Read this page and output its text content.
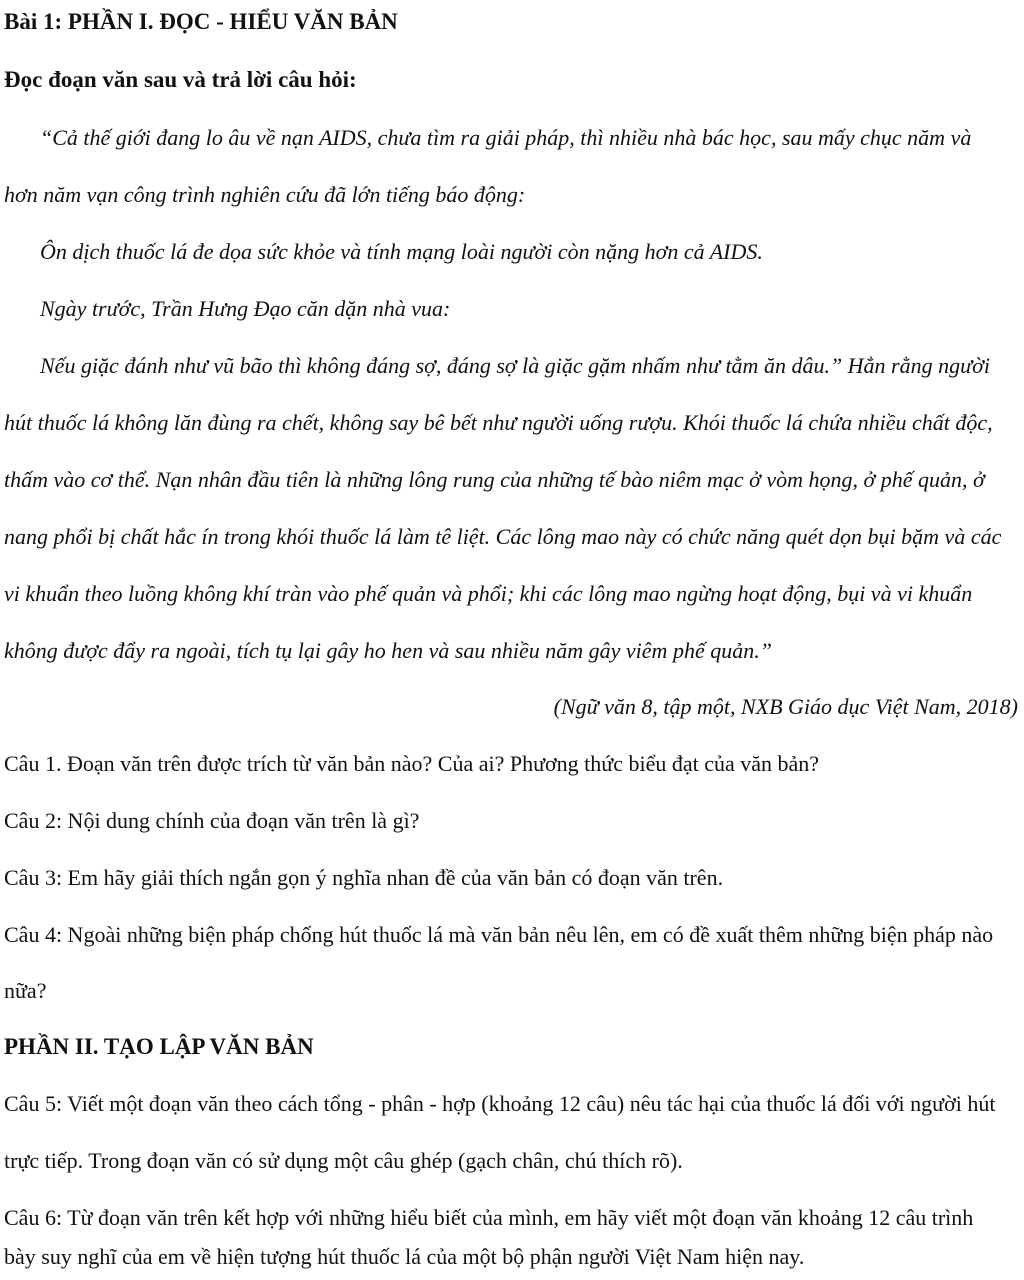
Bài 1: PHẦN I. ĐỌC - HIỂU VĂN BẢN
Đọc đoạn văn sau và trả lời câu hỏi:
“Cả thế giới đang lo âu về nạn AIDS, chưa tìm ra giải pháp, thì nhiều nhà bác học, sau mấy chục năm và
hơn năm vạn công trình nghiên cứu đã lớn tiếng báo động:
Ôn dịch thuốc lá đe dọa sức khỏe và tính mạng loài người còn nặng hơn cả AIDS.
Ngày trước, Trần Hưng Đạo căn dặn nhà vua:
Nếu giặc đánh như vũ bão thì không đáng sợ, đáng sợ là giặc gặm nhấm như tằm ăn dâu.” Hẳn rằng người
hút thuốc lá không lăn đùng ra chết, không say bê bết như người uống rượu. Khói thuốc lá chứa nhiều chất độc,
thấm vào cơ thể. Nạn nhân đầu tiên là những lông rung của những tế bào niêm mạc ở vòm họng, ở phế quản, ở
nang phổi bị chất hắc ín trong khói thuốc lá làm tê liệt. Các lông mao này có chức năng quét dọn bụi bặm và các
vi khuẩn theo luồng không khí tràn vào phế quản và phổi; khi các lông mao ngừng hoạt động, bụi và vi khuẩn
không được đẩy ra ngoài, tích tụ lại gây ho hen và sau nhiều năm gây viêm phế quản.”
(Ngữ văn 8, tập một, NXB Giáo dục Việt Nam, 2018)
Câu 1. Đoạn văn trên được trích từ văn bản nào? Của ai? Phương thức biểu đạt của văn bản?
Câu 2: Nội dung chính của đoạn văn trên là gì?
Câu 3: Em hãy giải thích ngắn gọn ý nghĩa nhan đề của văn bản có đoạn văn trên.
Câu 4: Ngoài những biện pháp chống hút thuốc lá mà văn bản nêu lên, em có đề xuất thêm những biện pháp nào
nữa?
PHẦN II. TẠO LẬP VĂN BẢN
Câu 5: Viết một đoạn văn theo cách tổng - phân - hợp (khoảng 12 câu) nêu tác hại của thuốc lá đối với người hút
trực tiếp. Trong đoạn văn có sử dụng một câu ghép (gạch chân, chú thích rõ).
Câu 6: Từ đoạn văn trên kết hợp với những hiểu biết của mình, em hãy viết một đoạn văn khoảng 12 câu trình
bày suy nghĩ của em về hiện tượng hút thuốc lá của một bộ phận người Việt Nam hiện nay.
